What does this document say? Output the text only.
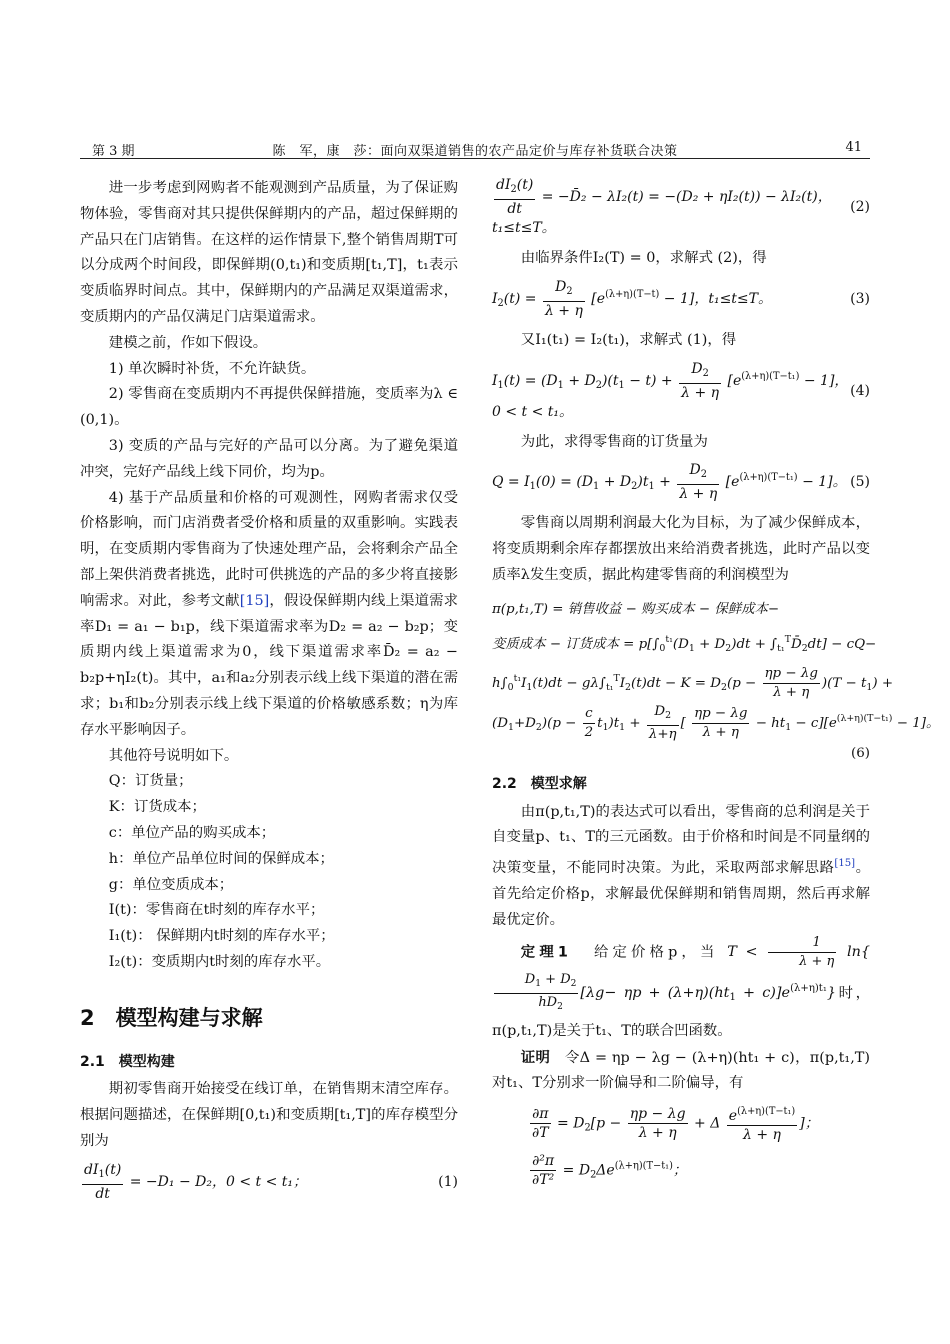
第 3 期	陈　军，康　莎：面向双渠道销售的农产品定价与库存补货联合决策	41

进一步考虑到网购者不能观测到产品质量，为了保证购物体验，零售商对其只提供保鲜期内的产品，超过保鲜期的产品只在门店销售。在这样的运作情景下,整个销售周期T可以分成两个时间段，即保鲜期(0,t₁)和变质期[t₁,T]，t₁表示变质临界时间点。其中，保鲜期内的产品满足双渠道需求，变质期内的产品仅满足门店渠道需求。

建模之前，作如下假设。

1) 单次瞬时补货，不允许缺货。

2) 零售商在变质期内不再提供保鲜措施，变质率为λ ∈ (0,1)。

3) 变质的产品与完好的产品可以分离。为了避免渠道冲突，完好产品线上线下同价，均为p。

4) 基于产品质量和价格的可观测性，网购者需求仅受价格影响，而门店消费者受价格和质量的双重影响。实践表明，在变质期内零售商为了快速处理产品，会将剩余产品全部上架供消费者挑选，此时可供挑选的产品的多少将直接影响需求。对此，参考文献[15]，假设保鲜期内线上渠道需求率D₁ = a₁ − b₁p，线下渠道需求率为D₂ = a₂ − b₂p；变质期内线上渠道需求为0，线下渠道需求率D̄₂ = a₂ − b₂p+ηI₂(t)。其中，a₁和a₂分别表示线上线下渠道的潜在需求；b₁和b₂分别表示线上线下渠道的价格敏感系数；η为库存水平影响因子。

其他符号说明如下。

Q：订货量；

K：订货成本；

c：单位产品的购买成本；

h：单位产品单位时间的保鲜成本；

g：单位变质成本；

I(t)：零售商在t时刻的库存水平；

I₁(t)： 保鲜期内t时刻的库存水平；

I₂(t)：变质期内t时刻的库存水平。

2　模型构建与求解
2.1　模型构建

期初零售商开始接受在线订单，在销售期末清空库存。根据问题描述，在保鲜期[0,t₁)和变质期[t₁,T]的库存模型分别为

$\frac{dI_1(t)}{dt} = -D_1 - D_2$，0 < t < t₁；	(1)
$\frac{dI_2(t)}{dt}$ = −D̄₂ − λI₂(t) = −(D₂ + ηI₂(t)) − λI₂(t)，
t₁≤t≤T。
(2)

由临界条件I₂(T) = 0，求解式 (2)，得

$I_2(t) = \frac{D_2}{\lambda + \eta} [e^{(\lambda+\eta)(T-t)} - 1]$，t₁≤t≤T。	(3)

又I₁(t₁) = I₂(t₁)，求解式 (1)，得

$I_1(t) = (D_1 + D_2)(t_1 - t) + \frac{D_2}{\lambda + \eta} [e^{(\lambda+\eta)(T-t_1)} - 1]$，
0 < t < t₁。
(4)

为此，求得零售商的订货量为

$Q = I_1(0) = (D_1 + D_2)t_1 + \frac{D_2}{\lambda + \eta} [e^{(\lambda+\eta)(T-t_1)} - 1]$。 (5)

零售商以周期利润最大化为目标，为了减少保鲜成本，将变质期剩余库存都摆放出来给消费者挑选，此时产品以变质率λ发生变质，据此构建零售商的利润模型为

π(p,t₁,T) = 销售收益 − 购买成本 − 保鲜成本−
变质成本 − 订货成本 = $p[\int_0^{t_1}(D_1 + D_2)dt$ + $\int_{t_1}^TD̄_2dt] - cQ-$
$h\int_0^{t_1}I_1(t)dt - g\lambda\int_{t_1}^TI_2(t)dt - K = D_2(p - \frac{\eta p - \lambda g}{\lambda + \eta} )(T - t_1)$ +
$(D_1+D_2)(p - \frac{c}{2} t_1)t_1 + \frac{D_2}{\lambda+\eta}$ [ $\frac{\eta p - \lambda g}{\lambda + \eta} - ht_1 - c][e^{(\lambda+\eta)(T-t_1)} - 1]$。
(6)
2.2　模型求解

由π(p,t₁,T)的表达式可以看出，零售商的总利润是关于自变量p、t₁、T的三元函数。由于价格和时间是不同量纲的决策变量，不能同时决策。为此，采取两部求解思路[15]。首先给定价格p，求解最优保鲜期和销售周期，然后再求解最优定价。

定理1 给定价格p，当 $T < \frac{1}{\lambda + \eta} \ln${
$\frac{D_1 + D_2}{hD_2} [\lambda g- \eta p + (\lambda+\eta)(ht_1 + c)]e^{(\lambda+\eta)t_1}$}时，π(p,t₁,T)是关于t₁、T的联合凹函数。

证明 令Δ = ηp − λg − (λ+η)(ht₁ + c)，π(p,t₁,T)对t₁、T分别求一阶偏导和二阶偏导，有

$\frac{\partial\pi}{\partial T} = D_2[p - \frac{\eta p - \lambda g}{\lambda + \eta} + \Delta \frac{e^{(\lambda+\eta)(T-t_1)}}{\lambda + \eta}$ ]；
$\frac{\text{∂²π}}{\text{∂T²}} = D_2\Delta e^{(\lambda+\eta)(T-t_1)}$；
